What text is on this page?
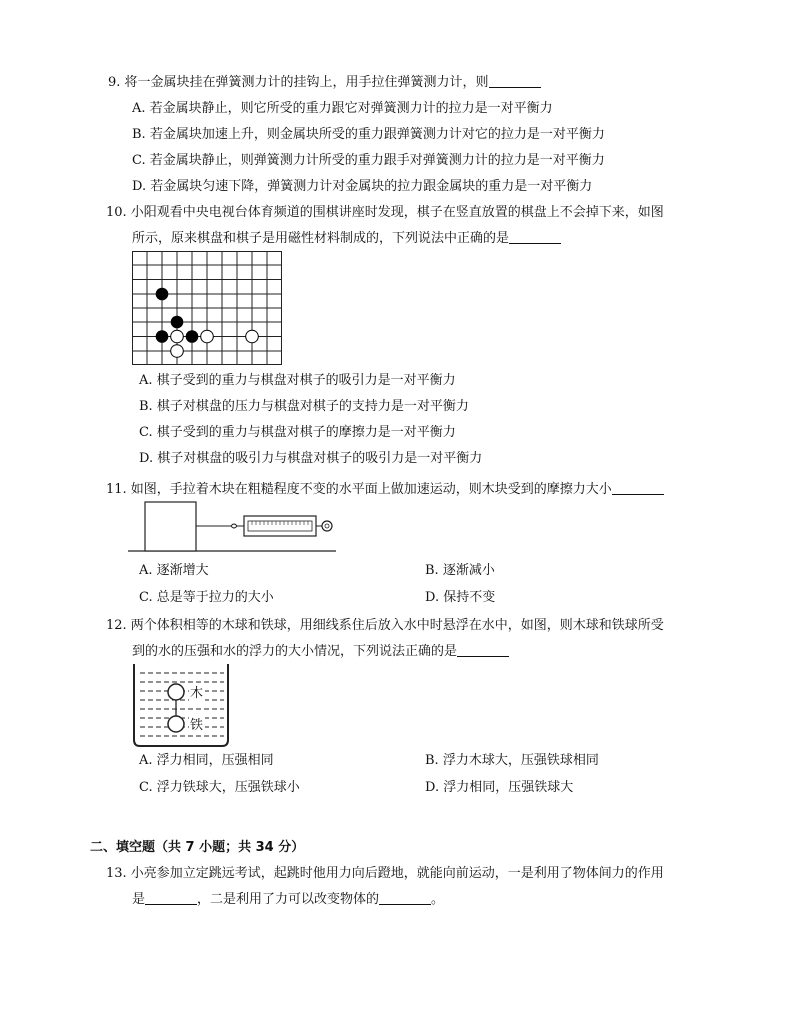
9. 将一金属块挂在弹簧测力计的挂钩上，用手拉住弹簧测力计，则
A. 若金属块静止，则它所受的重力跟它对弹簧测力计的拉力是一对平衡力
B. 若金属块加速上升，则金属块所受的重力跟弹簧测力计对它的拉力是一对平衡力
C. 若金属块静止，则弹簧测力计所受的重力跟手对弹簧测力计的拉力是一对平衡力
D. 若金属块匀速下降，弹簧测力计对金属块的拉力跟金属块的重力是一对平衡力
10. 小阳观看中央电视台体育频道的围棋讲座时发现，棋子在竖直放置的棋盘上不会掉下来，如图
所示，原来棋盘和棋子是用磁性材料制成的，下列说法中正确的是
A. 棋子受到的重力与棋盘对棋子的吸引力是一对平衡力
B. 棋子对棋盘的压力与棋盘对棋子的支持力是一对平衡力
C. 棋子受到的重力与棋盘对棋子的摩擦力是一对平衡力
D. 棋子对棋盘的吸引力与棋盘对棋子的吸引力是一对平衡力
11. 如图，手拉着木块在粗糙程度不变的水平面上做加速运动，则木块受到的摩擦力大小
A. 逐渐增大	B. 逐渐减小
C. 总是等于拉力的大小	D. 保持不变
12. 两个体积相等的木球和铁球，用细线系住后放入水中时悬浮在水中，如图，则木球和铁球所受
到的水的压强和水的浮力的大小情况，下列说法正确的是
木
铁
A. 浮力相同，压强相同	B. 浮力木球大，压强铁球相同
C. 浮力铁球大，压强铁球小	D. 浮力相同，压强铁球大
二、填空题（共 7 小题；共 34 分）
13. 小亮参加立定跳远考试，起跳时他用力向后蹬地，就能向前运动，一是利用了物体间力的作用
是	，二是利用了力可以改变物体的	。
